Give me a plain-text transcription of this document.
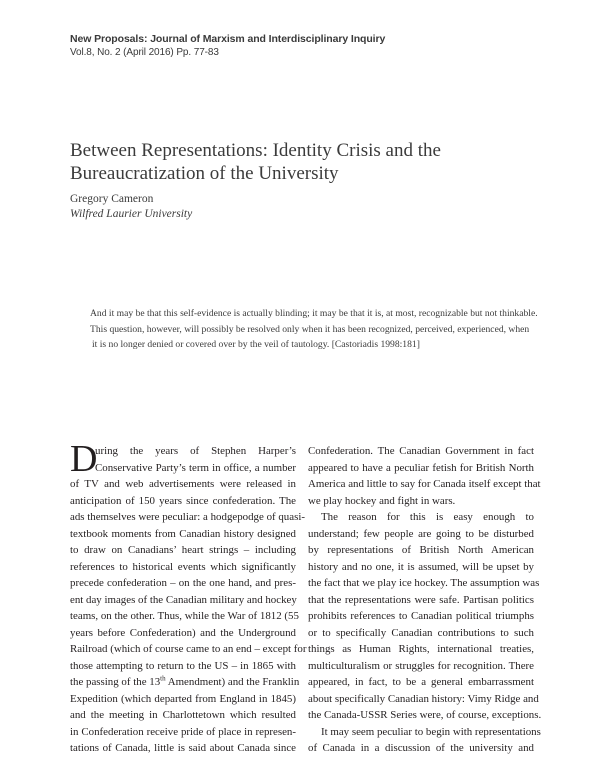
New Proposals: Journal of Marxism and Interdisciplinary Inquiry
Vol.8, No. 2 (April 2016) Pp. 77-83
Between Representations: Identity Crisis and the
Bureaucratization of the University
Gregory Cameron
Wilfred Laurier University
And it may be that this self-evidence is actually blinding; it may be that it is, at most, recognizable but not thinkable.
This question, however, will possibly be resolved only when it has been recognized, perceived, experienced, when
it is no longer denied or covered over by the veil of tautology. [Castoriadis 1998:181]
D
uring the years of Stephen Harper’s
Conservative Party’s term in office, a number
of TV and web advertisements were released in
anticipation of 150 years since confederation. The
ads themselves were peculiar: a hodgepodge of quasi-
textbook moments from Canadian history designed
to draw on Canadians’ heart strings – including
references to historical events which significantly
precede confederation – on the one hand, and pres-
ent day images of the Canadian military and hockey
teams, on the other. Thus, while the War of 1812 (55
years before Confederation) and the Underground
Railroad (which of course came to an end – except for
those attempting to return to the US – in 1865 with
the passing of the 13th Amendment) and the Franklin
Expedition (which departed from England in 1845)
and the meeting in Charlottetown which resulted
in Confederation receive pride of place in represen-
tations of Canada, little is said about Canada since
Confederation. The Canadian Government in fact
appeared to have a peculiar fetish for British North
America and little to say for Canada itself except that
we play hockey and fight in wars.
The reason for this is easy enough to
understand; few people are going to be disturbed
by representations of British North American
history and no one, it is assumed, will be upset by
the fact that we play ice hockey. The assumption was
that the representations were safe. Partisan politics
prohibits references to Canadian political triumphs
or to specifically Canadian contributions to such
things as Human Rights, international treaties,
multiculturalism or struggles for recognition. There
appeared, in fact, to be a general embarrassment
about specifically Canadian history: Vimy Ridge and
the Canada-USSR Series were, of course, exceptions.
It may seem peculiar to begin with representations
of Canada in a discussion of the university and
